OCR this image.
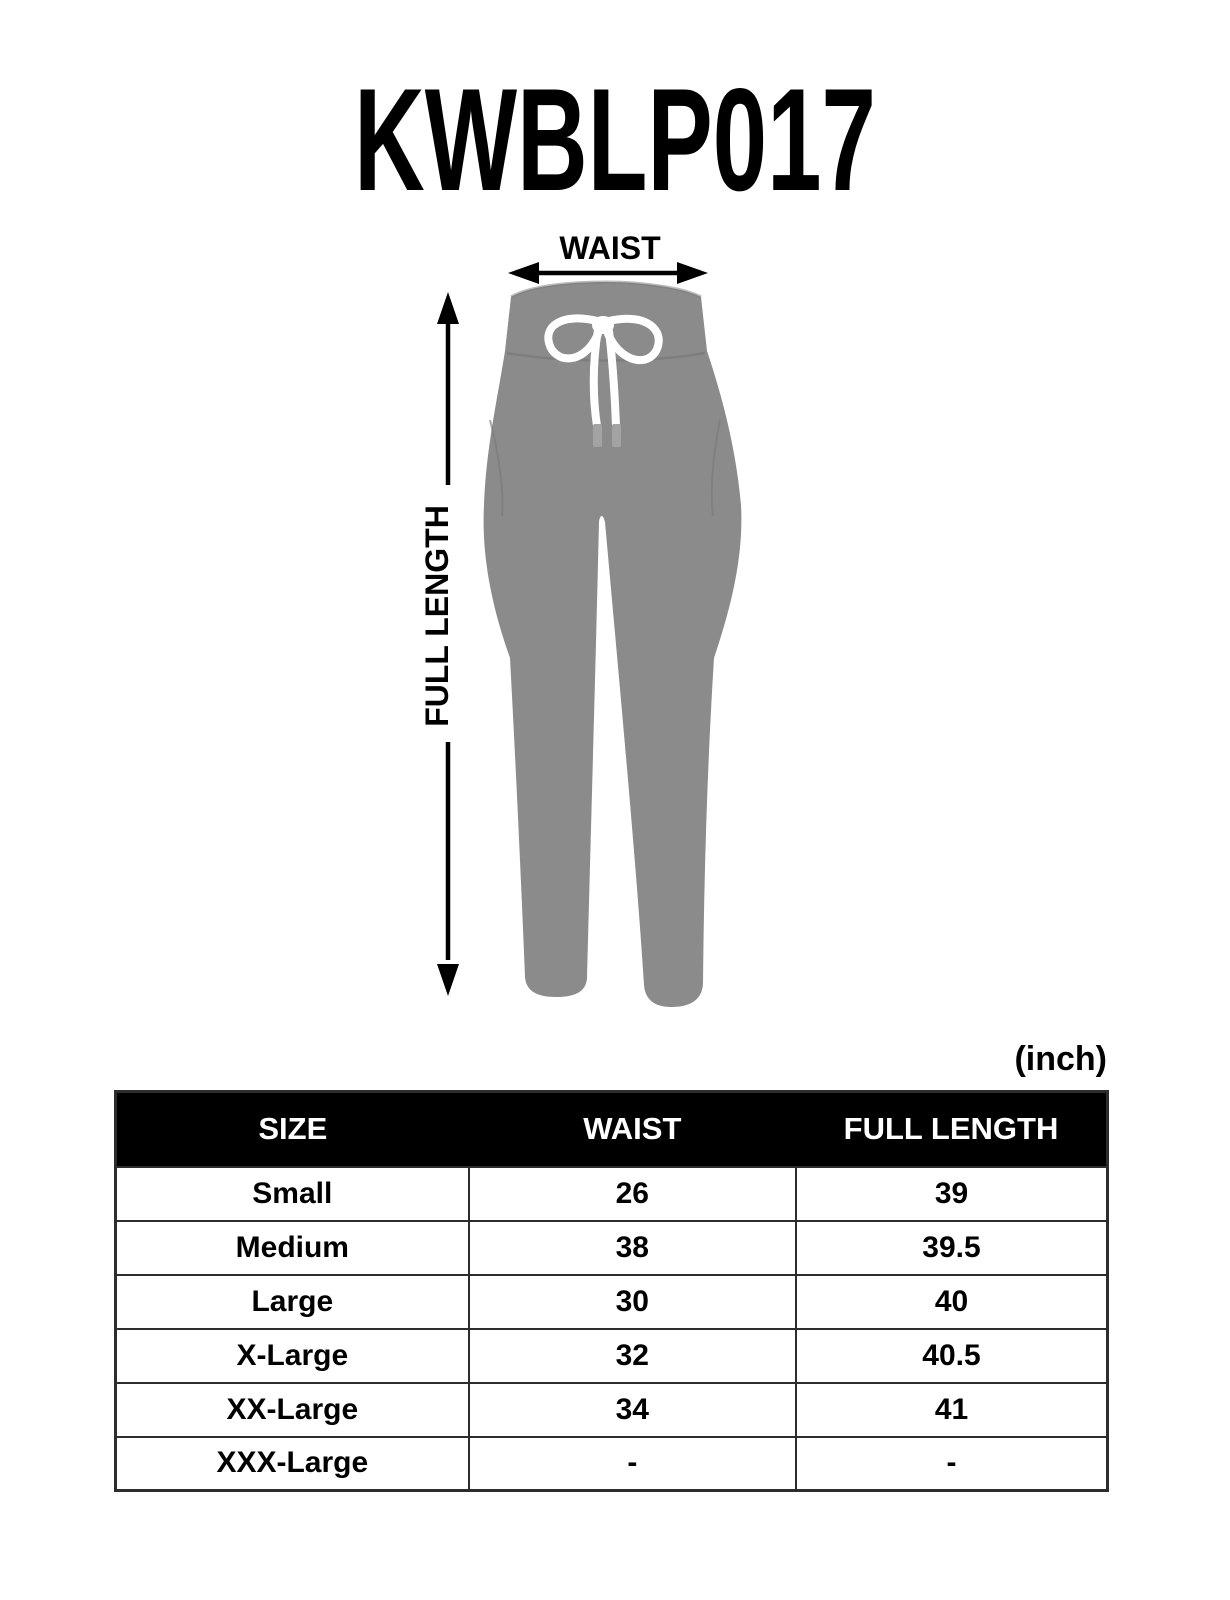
KWBLP017
WAIST
FULL LENGTH
(inch)
SIZE	WAIST	FULL LENGTH
Small	26	39
Medium	38	39.5
Large	30	40
X-Large	32	40.5
XX-Large	34	41
XXX-Large	-	-
